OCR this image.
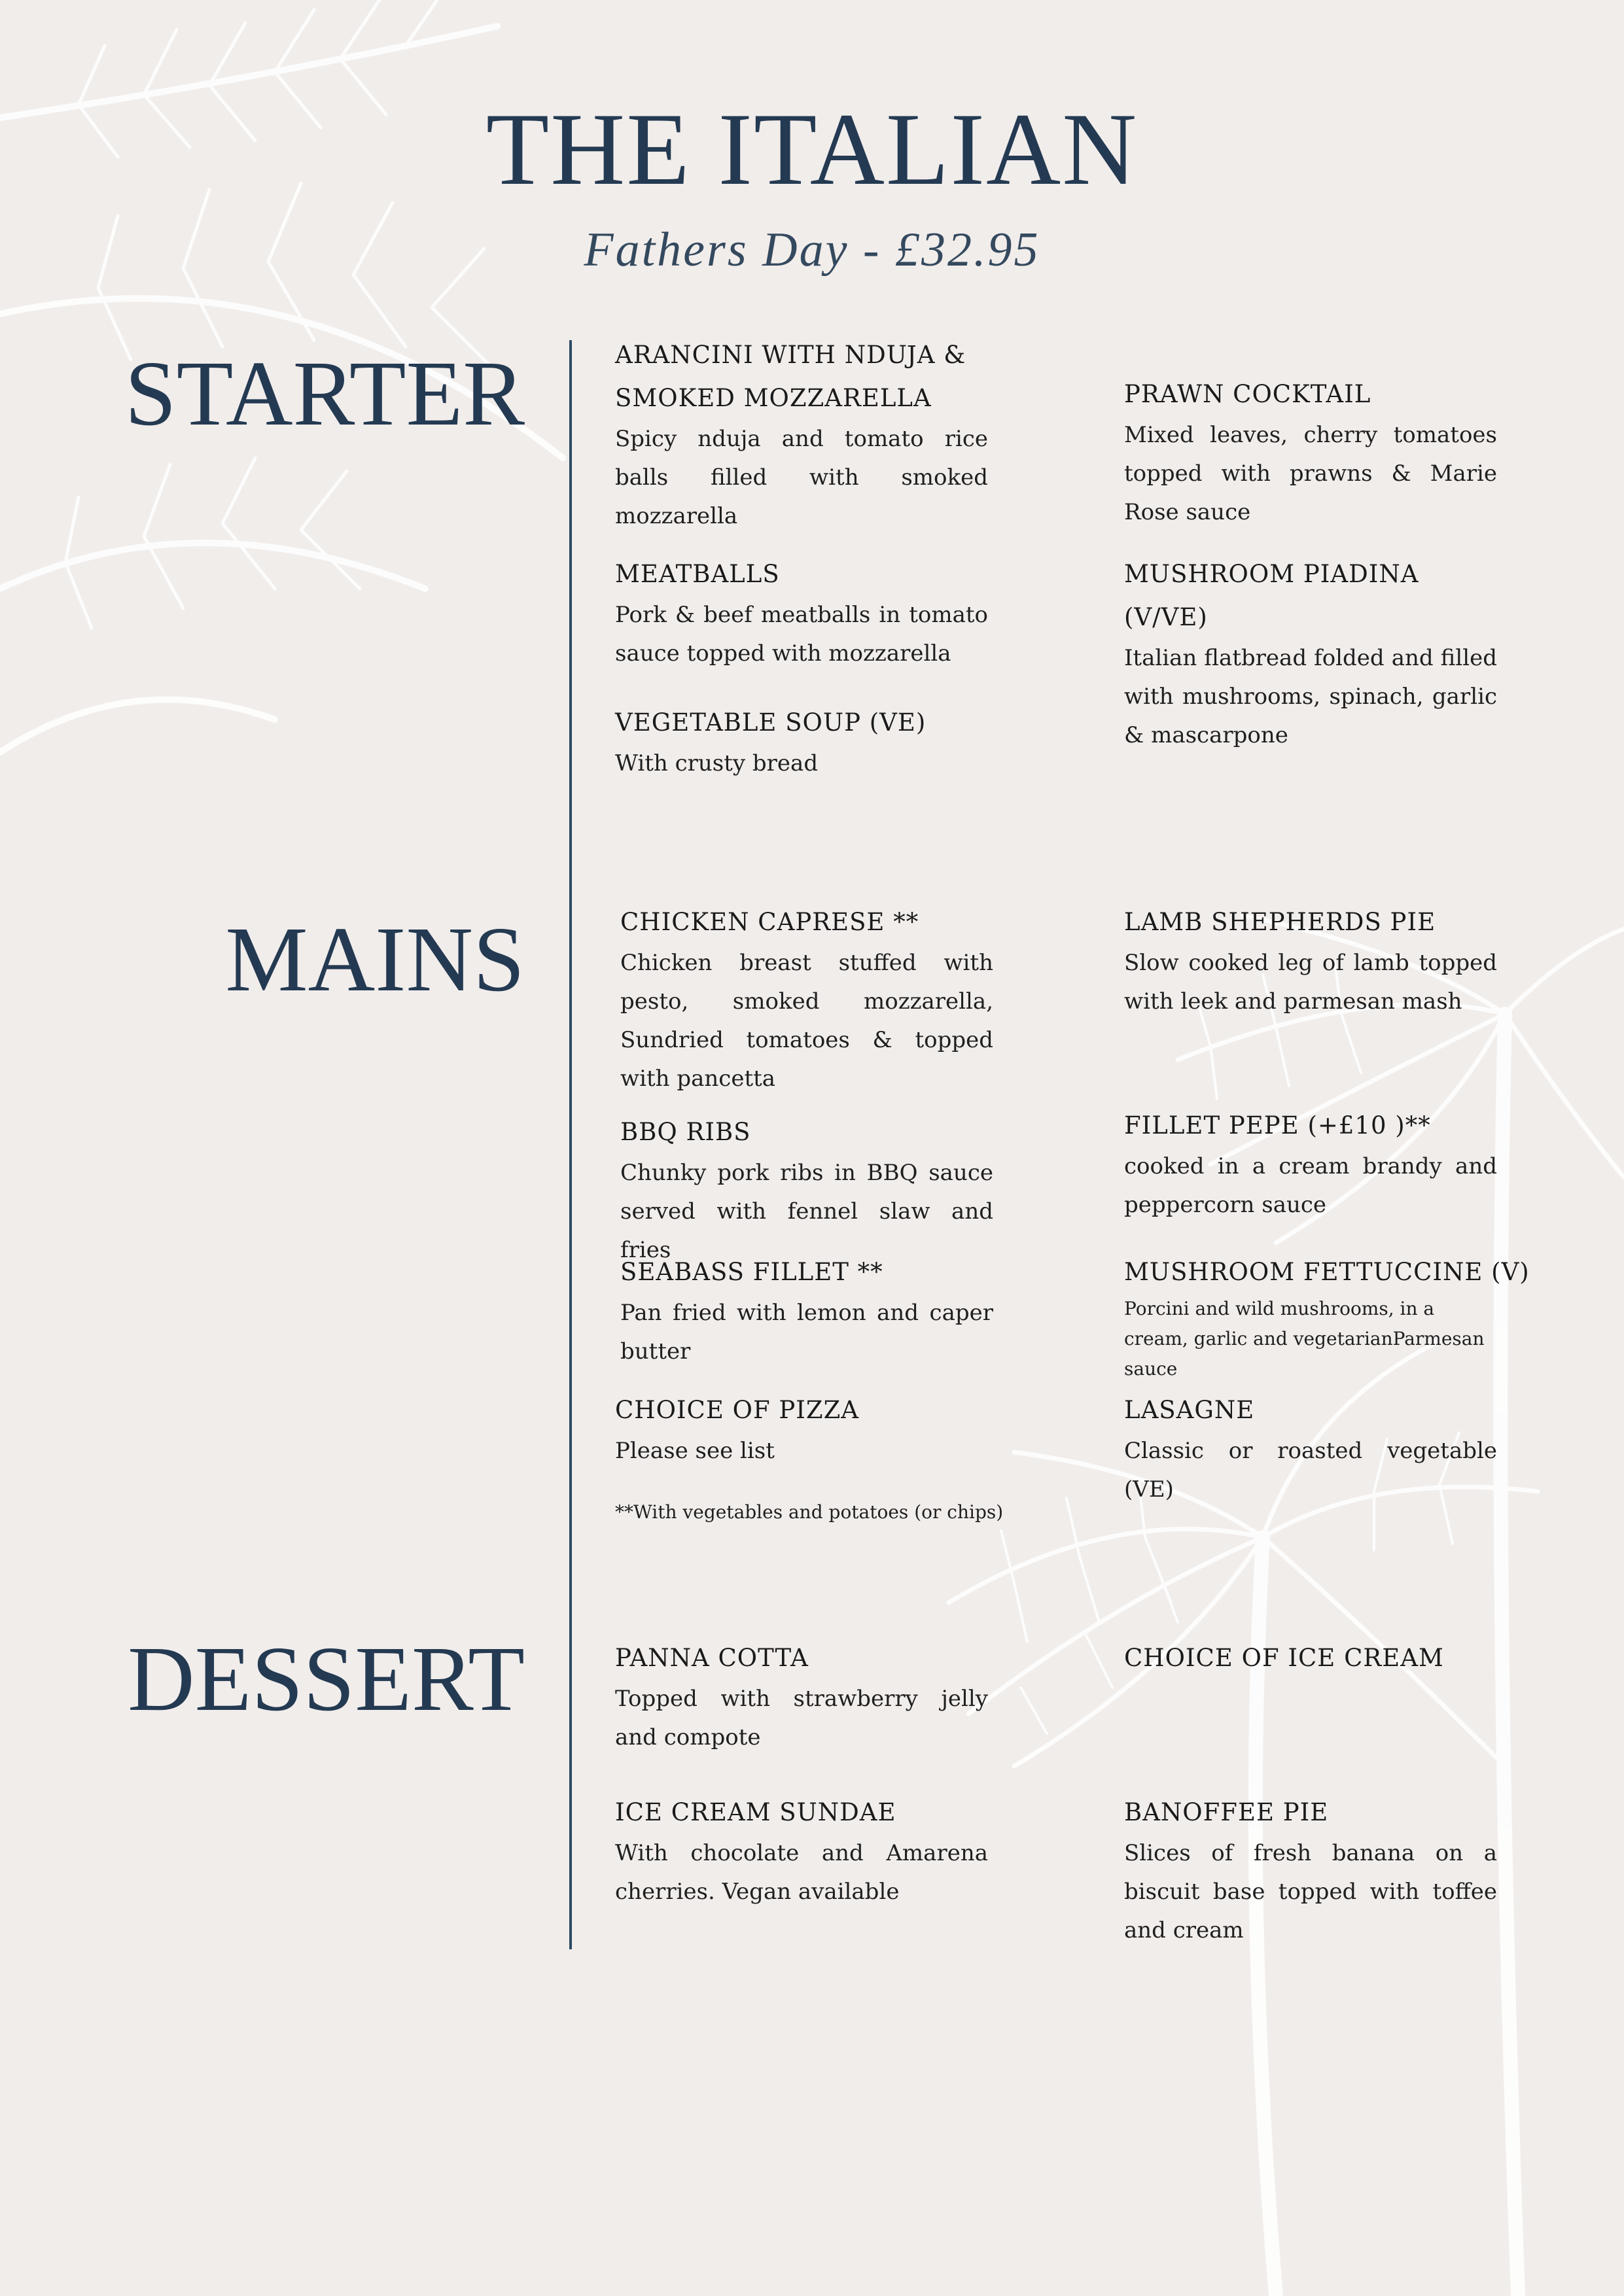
THE ITALIAN
Fathers Day - £32.95
STARTER	ARANCINI WITH NDUJA & SMOKED MOZZARELLA
Spicy nduja and tomato rice balls filled with smoked mozzarella
PRAWN COCKTAIL
Mixed leaves, cherry tomatoes topped with prawns & Marie Rose sauce
MEATBALLS
Pork & beef meatballs in tomato sauce topped with mozzarella
MUSHROOM PIADINA (V/VE)
Italian flatbread folded and filled with mushrooms, spinach, garlic & mascarpone
VEGETABLE SOUP (VE)
With crusty bread
MAINS	CHICKEN CAPRESE **
Chicken breast stuffed with pesto, smoked mozzarella, Sundried tomatoes & topped with pancetta
LAMB SHEPHERDS PIE
Slow cooked leg of lamb topped with leek and parmesan mash
BBQ RIBS
Chunky pork ribs in BBQ sauce served with fennel slaw and fries
FILLET PEPE (+£10 )**
cooked in a cream brandy and peppercorn sauce
SEABASS FILLET **
Pan fried with lemon and caper butter
MUSHROOM FETTUCCINE (V)
Porcini and wild mushrooms, in a cream, garlic and vegetarianParmesan sauce
CHOICE OF PIZZA
Please see list
LASAGNE
Classic or roasted vegetable (VE)
**With vegetables and potatoes (or chips)
DESSERT	PANNA COTTA
Topped with strawberry jelly and compote
CHOICE OF ICE CREAM
ICE CREAM SUNDAE
With chocolate and Amarena cherries. Vegan available
BANOFFEE PIE
Slices of fresh banana on a biscuit base topped with toffee and cream
